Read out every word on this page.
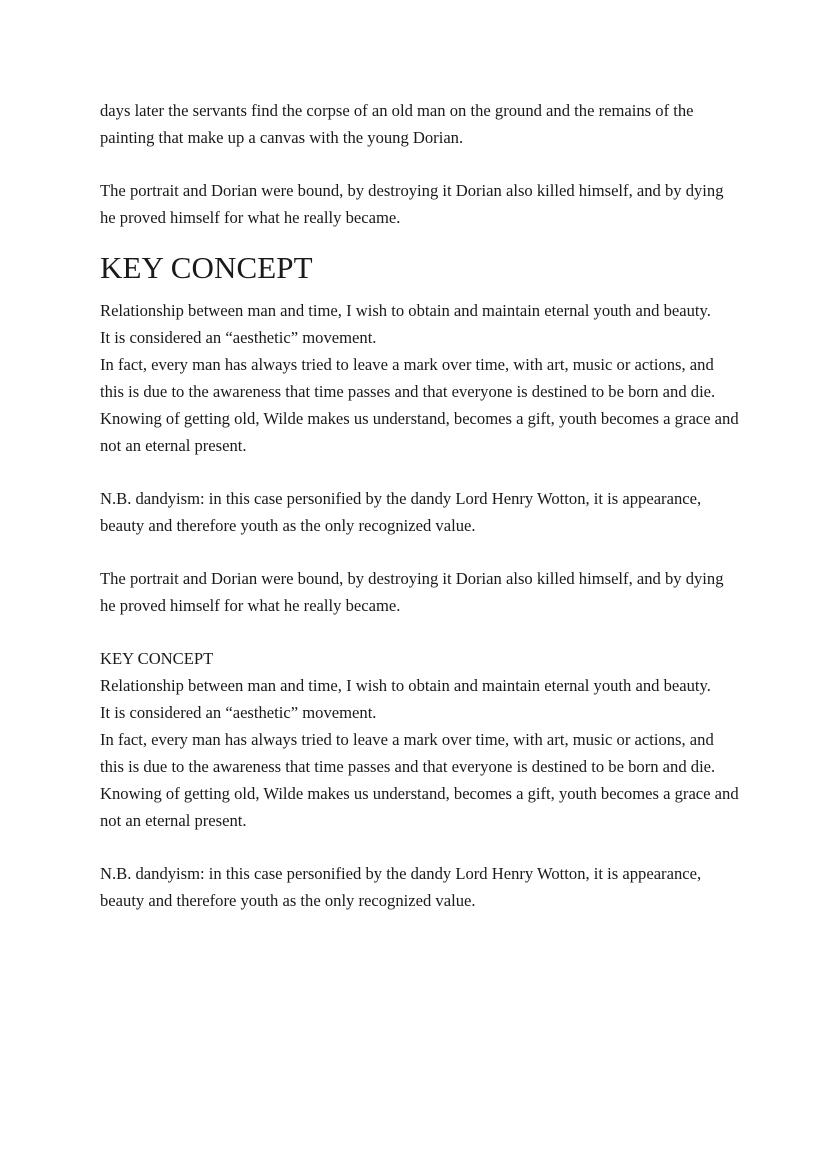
days later the servants find the corpse of an old man on the ground and the remains of the painting that make up a canvas with the young Dorian.

The portrait and Dorian were bound, by destroying it Dorian also killed himself, and by dying he proved himself for what he really became.

KEY CONCEPT

Relationship between man and time, I wish to obtain and maintain eternal youth and beauty.

It is considered an “aesthetic” movement.

In fact, every man has always tried to leave a mark over time, with art, music or actions, and this is due to the awareness that time passes and that everyone is destined to be born and die.

Knowing of getting old, Wilde makes us understand, becomes a gift, youth becomes a grace and not an eternal present.

N.B. dandyism: in this case personified by the dandy Lord Henry Wotton, it is appearance, beauty and therefore youth as the only recognized value.

The portrait and Dorian were bound, by destroying it Dorian also killed himself, and by dying he proved himself for what he really became.

KEY CONCEPT

Relationship between man and time, I wish to obtain and maintain eternal youth and beauty.

It is considered an “aesthetic” movement.

In fact, every man has always tried to leave a mark over time, with art, music or actions, and this is due to the awareness that time passes and that everyone is destined to be born and die.

Knowing of getting old, Wilde makes us understand, becomes a gift, youth becomes a grace and not an eternal present.

N.B. dandyism: in this case personified by the dandy Lord Henry Wotton, it is appearance, beauty and therefore youth as the only recognized value.
